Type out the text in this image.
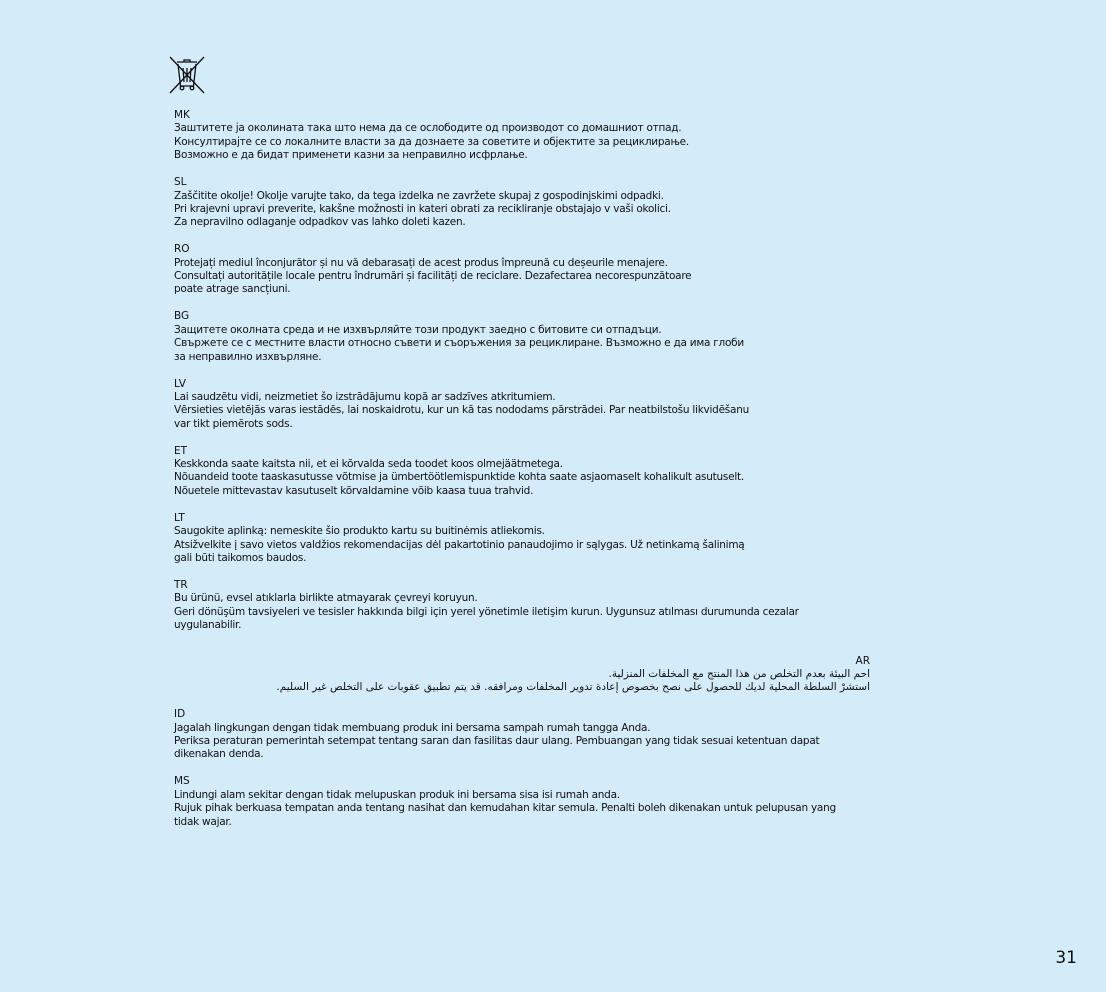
MK
Заштитете ја околината така што нема да се ослободите од производот со домашниот отпад.
Консултирајте се со локалните власти за да дознаете за советите и објектите за рециклирање.
Возможно е да бидат применети казни за неправилно исфрлање.
SL
Zaščitite okolje! Okolje varujte tako, da tega izdelka ne zavržete skupaj z gospodinjskimi odpadki.
Pri krajevni upravi preverite, kakšne možnosti in kateri obrati za recikliranje obstajajo v vaši okolici.
Za nepravilno odlaganje odpadkov vas lahko doleti kazen.
RO
Protejați mediul înconjurător și nu vă debarasați de acest produs împreună cu deșeurile menajere.
Consultați autoritățile locale pentru îndrumări și facilități de reciclare. Dezafectarea necorespunzătoare
poate atrage sancțiuni.
BG
Защитете околната среда и не изхвърляйте този продукт заедно с битовите си отпадъци.
Свържете се с местните власти относно съвети и съоръжения за рециклиране. Възможно е да има глоби
за неправилно изхвърляне.
LV
Lai saudzētu vidi, neizmetiet šo izstrādājumu kopā ar sadzīves atkritumiem.
Vērsieties vietējās varas iestādēs, lai noskaidrotu, kur un kā tas nododams pārstrādei. Par neatbilstošu likvidēšanu
var tikt piemērots sods.
ET
Keskkonda saate kaitsta nii, et ei kõrvalda seda toodet koos olmejäätmetega.
Nõuandeid toote taaskasutusse võtmise ja ümbertöötlemispunktide kohta saate asjaomaselt kohalikult asutuselt.
Nõuetele mittevastav kasutuselt kõrvaldamine võib kaasa tuua trahvid.
LT
Saugokite aplinką: nemeskite šio produkto kartu su buitinėmis atliekomis.
Atsižvelkite į savo vietos valdžios rekomendacijas dėl pakartotinio panaudojimo ir sąlygas. Už netinkamą šalinimą
gali būti taikomos baudos.
TR
Bu ürünü, evsel atıklarla birlikte atmayarak çevreyi koruyun.
Geri dönüşüm tavsiyeleri ve tesisler hakkında bilgi için yerel yönetimle iletişim kurun. Uygunsuz atılması durumunda cezalar
uygulanabilir.
AR
احم البيئة بعدم التخلص من هذا المنتج مع المخلفات المنزلية.
استشرْ السلطة المحلية لديك للحصول على نصح بخصوص إعادة تدوير المخلفات ومرافقه. قد يتم تطبيق عقوبات على التخلص غير السليم.
ID
Jagalah lingkungan dengan tidak membuang produk ini bersama sampah rumah tangga Anda.
Periksa peraturan pemerintah setempat tentang saran dan fasilitas daur ulang. Pembuangan yang tidak sesuai ketentuan dapat
dikenakan denda.
MS
Lindungi alam sekitar dengan tidak melupuskan produk ini bersama sisa isi rumah anda.
Rujuk pihak berkuasa tempatan anda tentang nasihat dan kemudahan kitar semula. Penalti boleh dikenakan untuk pelupusan yang
tidak wajar.
31
